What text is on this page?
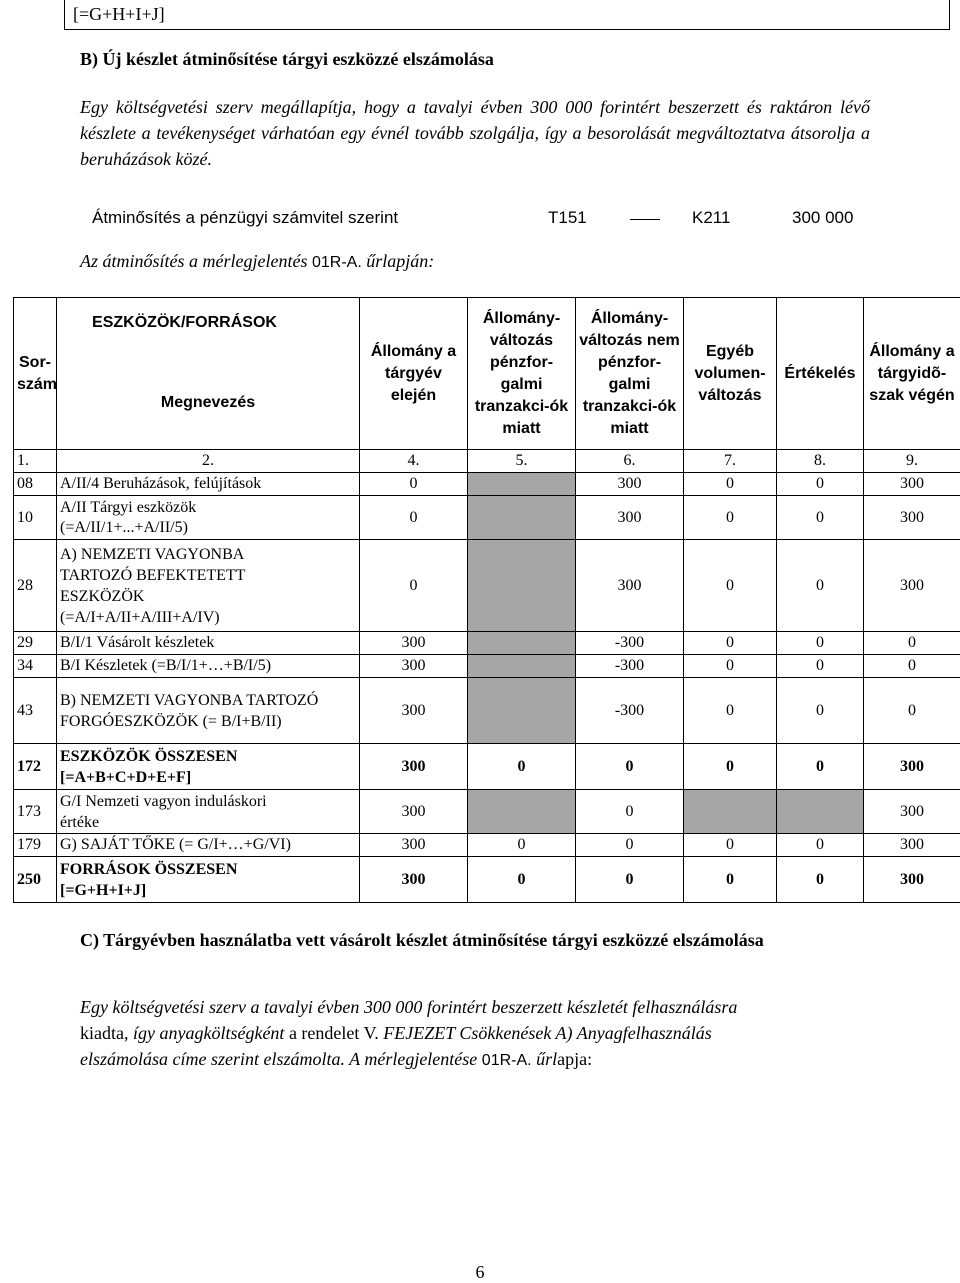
[=G+H+I+J]
B) Új készlet átminősítése tárgyi eszközzé elszámolása
Egy költségvetési szerv megállapítja, hogy a tavalyi évben 300 000 forintért beszerzett és raktáron lévő készlete a tevékenységet várhatóan egy évnél tovább szolgálja, így a besorolását megváltoztatva átsorolja a beruházások közé.
Átminősítés a pénzügyi számvitel szerint	T151	K211	300 000
Az átminősítés a mérlegjelentés 01R-A. űrlapján:
Sor-szám	ESZKÖZÖK/FORRÁSOK	Állomány a tárgyév elején	Állomány-változás pénzfor-galmi tranzakci-ók miatt	Állomány-változás nem pénzfor-galmi tranzakci-ók miatt	Egyéb volumen-változás	Értékelés	Állomány a tárgyidõ-szak végén
	Megnevezés						
1.	2.	4.	5.	6.	7.	8.	9.
08	A/II/4 Beruházások, felújítások	0		300	0	0	300
10	A/II Tárgyi eszközök (=A/II/1+...+A/II/5)	0		300	0	0	300
28	A) NEMZETI VAGYONBA TARTOZÓ BEFEKTETETT ESZKÖZÖK (=A/I+A/II+A/III+A/IV)	0		300	0	0	300
29	B/I/1 Vásárolt készletek	300		-300	0	0	0
34	B/I Készletek (=B/I/1+…+B/I/5)	300		-300	0	0	0
43	B) NEMZETI VAGYONBA TARTOZÓ FORGÓESZKÖZÖK (= B/I+B/II)	300		-300	0	0	0
172	ESZKÖZÖK ÖSSZESEN [=A+B+C+D+E+F]	300	0	0	0	0	300
173	G/I Nemzeti vagyon induláskori értéke	300		0			300
179	G) SAJÁT TŐKE (= G/I+…+G/VI)	300	0	0	0	0	300
250	FORRÁSOK ÖSSZESEN [=G+H+I+J]	300	0	0	0	0	300
C) Tárgyévben használatba vett vásárolt készlet átminősítése tárgyi eszközzé elszámolása
Egy költségvetési szerv a tavalyi évben 300 000 forintért beszerzett készletét felhasználásra
kiadta, így anyagköltségként a rendelet V. FEJEZET Csökkenések A) Anyagfelhasználás
elszámolása címe szerint elszámolta. A mérlegjelentése 01R-A. űrlapja:
6
